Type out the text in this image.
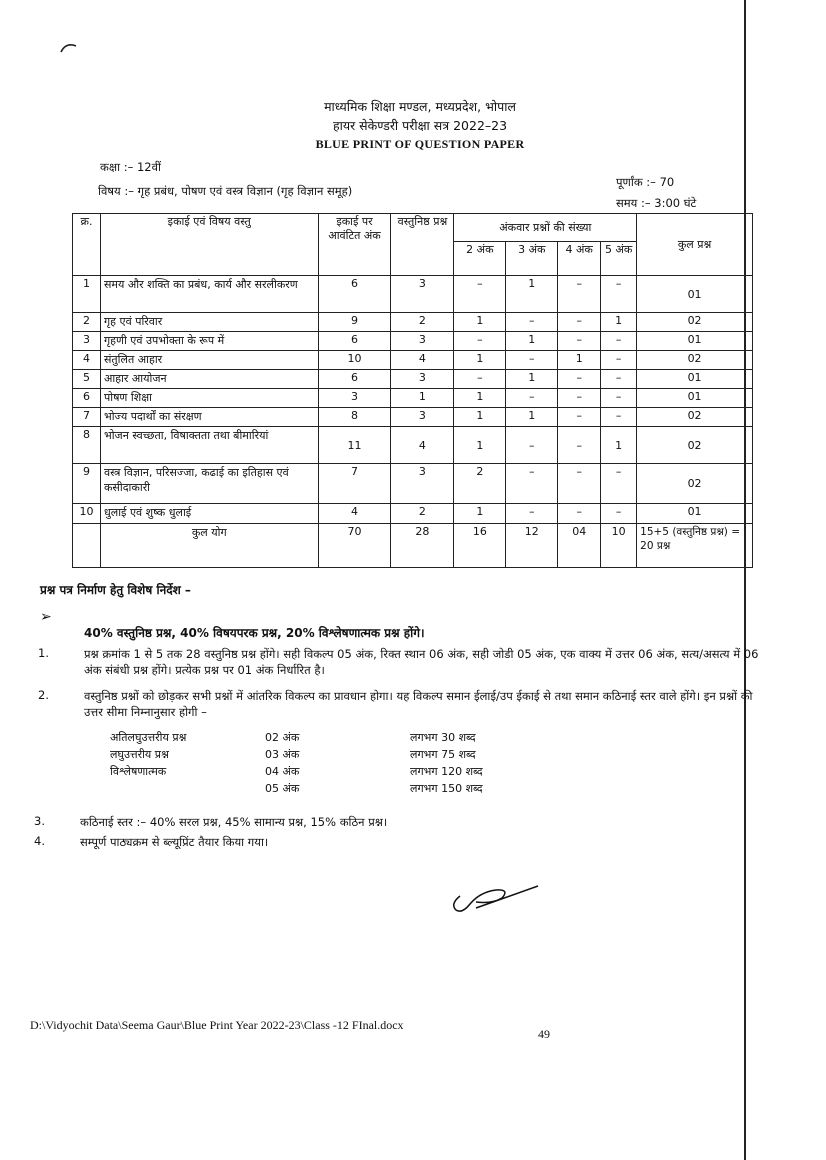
माध्यमिक शिक्षा मण्डल, मध्यप्रदेश, भोपाल
हायर सेकेण्डरी परीक्षा सत्र 2022–23
BLUE PRINT OF QUESTION PAPER
कक्षा :– 12वीं
विषय :– गृह प्रबंध, पोषण एवं वस्त्र विज्ञान (गृह विज्ञान समूह)
पूर्णांक :– 70
समय :– 3:00 घंटे
क्र.	इकाई एवं विषय वस्तु	इकाई पर आवंटित अंक	वस्तुनिष्ठ प्रश्न	अंकवार प्रश्नों की संख्या				कुल प्रश्न
				2 अंक	3 अंक	4 अंक	5 अंक	
1	समय और शक्ति का प्रबंध, कार्य और सरलीकरण	6	3	–	1	–	–	01
2	गृह एवं परिवार	9	2	1	–	–	1	02
3	गृहणी एवं उपभोक्ता के रूप में	6	3	–	1	–	–	01
4	संतुलित आहार	10	4	1	–	1	–	02
5	आहार आयोजन	6	3	–	1	–	–	01
6	पोषण शिक्षा	3	1	1	–	–	–	01
7	भोज्य पदार्थों का संरक्षण	8	3	1	1	–	–	02
8	भोजन स्वच्छता, विषाक्तता तथा बीमारियां	11	4	1	–	–	1	02
9	वस्त्र विज्ञान, परिसज्जा, कढाई का इतिहास एवं कसीदाकारी	7	3	2	–	–	–	02
10	धुलाई एवं शुष्क धुलाई	4	2	1	–	–	–	01
	कुल योग	70	28	16	12	04	10	15+5 (वस्तुनिष्ठ प्रश्न) = 20 प्रश्न
प्रश्न पत्र निर्माण हेतु विशेष निर्देश –
➢
40% वस्तुनिष्ठ प्रश्न, 40% विषयपरक प्रश्न, 20% विश्लेषणात्मक प्रश्न होंगे।
1.	प्रश्न क्रमांक 1 से 5 तक 28 वस्तुनिष्ठ प्रश्न होंगे। सही विकल्प 05 अंक, रिक्त स्थान 06 अंक, सही जोडी 05 अंक, एक वाक्य में उत्तर 06 अंक, सत्य/असत्य में 06 अंक संबंधी प्रश्न होंगे। प्रत्येक प्रश्न पर 01 अंक निर्धारित है।
2.	वस्तुनिष्ठ प्रश्नों को छोड़कर सभी प्रश्नों में आंतरिक विकल्प का प्रावधान होगा। यह विकल्प समान ईलाई/उप ईकाई से तथा समान कठिनाई स्तर वाले होंगे। इन प्रश्नों की उत्तर सीमा निम्नानुसार होगी –
अतिलघुउत्तरीय प्रश्न	02 अंक	लगभग 30 शब्द
लघुउत्तरीय प्रश्न	03 अंक	लगभग 75 शब्द
विश्लेषणात्मक	04 अंक	लगभग 120 शब्द
	05 अंक	लगभग 150 शब्द
3.	कठिनाई स्तर :– 40% सरल प्रश्न, 45% सामान्य प्रश्न, 15% कठिन प्रश्न।
4.	सम्पूर्ण पाठ्यक्रम से ब्ल्यूप्रिंट तैयार किया गया।
D:\Vidyochit Data\Seema Gaur\Blue Print Year 2022-23\Class -12 FInal.docx
49
